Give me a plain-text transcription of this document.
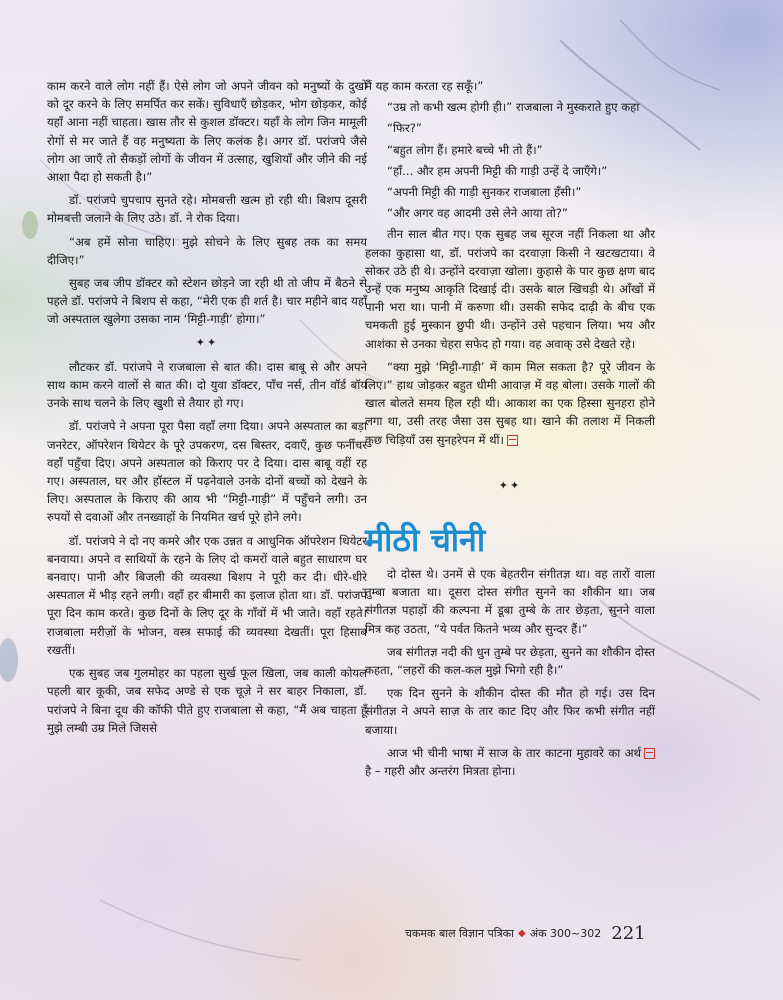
काम करने वाले लोग नहीं हैं। ऐसे लोग जो अपने जीवन को मनुष्यों के दुखों को दूर करने के लिए समर्पित कर सकें। सुविधाएँ छोड़कर, भोग छोड़कर, कोई यहाँ आना नहीं चाहता। खास तौर से कुशल डॉक्टर। यहाँ के लोग जिन मामूली रोगों से मर जाते हैं वह मनुष्यता के लिए कलंक है। अगर डॉ. परांजपे जैसे लोग आ जाएँ तो सैकड़ों लोगों के जीवन में उत्साह, खुशियाँ और जीने की नई आशा पैदा हो सकती है।”

डॉ. परांजपे चुपचाप सुनते रहे। मोमबत्ती खत्म हो रही थी। बिशप दूसरी मोमबत्ती जलाने के लिए उठे। डॉ. ने रोक दिया।

“अब हमें सोना चाहिए। मुझे सोचने के लिए सुबह तक का समय दीजिए।”

सुबह जब जीप डॉक्टर को स्टेशन छोड़ने जा रही थी तो जीप में बैठने से पहले डॉ. परांजपे ने बिशप से कहा, “मेरी एक ही शर्त है। चार महीने बाद यहाँ जो अस्पताल खुलेगा उसका नाम ‘मिट्टी-गाड़ी’ होगा।”

✦✦

लौटकर डॉ. परांजपे ने राजबाला से बात की। दास बाबू से और अपने साथ काम करने वालों से बात की। दो युवा डॉक्टर, पाँच नर्स, तीन वॉर्ड बॉय उनके साथ चलने के लिए खुशी से तैयार हो गए।

डॉ. परांजपे ने अपना पूरा पैसा वहाँ लगा दिया। अपने अस्पताल का बड़ा जनरेटर, ऑपरेशन थियेटर के पूरे उपकरण, दस बिस्तर, दवाएँ, कुछ फर्नीचर वहाँ पहुँचा दिए। अपने अस्पताल को किराए पर दे दिया। दास बाबू वहीं रह गए। अस्पताल, घर और हॉस्टल में पढ़नेवाले उनके दोनों बच्चों को देखने के लिए। अस्पताल के किराए की आय भी “मिट्टी-गाड़ी” में पहुँचने लगी। उन रुपयों से दवाओं और तनख्वाहों के नियमित खर्च पूरे होने लगे।

डॉ. परांजपे ने दो नए कमरे और एक उन्नत व आधुनिक ऑपरेशन थियेटर बनवाया। अपने व साथियों के रहने के लिए दो कमरों वाले बहुत साधारण घर बनवाए। पानी और बिजली की व्यवस्था बिशप ने पूरी कर दी। धीरे-धीरे अस्पताल में भीड़ रहने लगी। वहाँ हर बीमारी का इलाज होता था। डॉ. परांजपे पूरा दिन काम करते। कुछ दिनों के लिए दूर के गाँवों में भी जाते। वहाँ रहते। राजबाला मरीज़ों के भोजन, वस्त्र सफाई की व्यवस्था देखतीं। पूरा हिसाब रखतीं।

एक सुबह जब गुलमोहर का पहला सुर्ख फूल खिला, जब काली कोयल पहली बार कूकी, जब सफेद अण्डे से एक चूज़े ने सर बाहर निकाला, डॉ. परांजपे ने बिना दूध की कॉफी पीते हुए राजबाला से कहा, “मैं अब चाहता हूँ मुझे लम्बी उम्र मिले जिससे

मैं यह काम करता रह सकूँ।”

“उम्र तो कभी खत्म होगी ही।” राजबाला ने मुस्कराते हुए कहा

“फिर?”

“बहुत लोग हैं। हमारे बच्चे भी तो हैं।”

“हाँ... और हम अपनी मिट्टी की गाड़ी उन्हें दे जाएँगे।”

“अपनी मिट्टी की गाड़ी सुनकर राजबाला हँसी।”

“और अगर वह आदमी उसे लेने आया तो?”

तीन साल बीत गए। एक सुबह जब सूरज नहीं निकला था और हलका कुहासा था, डॉ. परांजपे का दरवाज़ा किसी ने खटखटाया। वे सोकर उठे ही थे। उन्होंने दरवाज़ा खोला। कुहासे के पार कुछ क्षण बाद उन्हें एक मनुष्य आकृति दिखाई दी। उसके बाल खिचड़ी थे। आँखों में पानी भरा था। पानी में करुणा थी। उसकी सफेद दाढ़ी के बीच एक चमकती हुई मुस्कान छुपी थी। उन्होंने उसे पहचान लिया। भय और आशंका से उनका चेहरा सफेद हो गया। वह अवाक् उसे देखते रहे।

“क्या मुझे ‘मिट्टी-गाड़ी’ में काम मिल सकता है? पूरे जीवन के लिए।” हाथ जोड़कर बहुत धीमी आवाज़ में वह बोला। उसके गालों की खाल बोलते समय हिल रही थी। आकाश का एक हिस्सा सुनहरा होने लगा था, उसी तरह जैसा उस सुबह था। खाने की तलाश में निकली कुछ चिड़ियाँ उस सुनहरेपन में थीं।

✦✦
मीठी चीनी

दो दोस्त थे। उनमें से एक बेहतरीन संगीतज्ञ था। वह तारों वाला तुम्बा बजाता था। दूसरा दोस्त संगीत सुनने का शौकीन था। जब संगीतज्ञ पहाड़ों की कल्पना में डूबा तुम्बे के तार छेड़ता, सुनने वाला मित्र कह उठता, “ये पर्वत कितने भव्य और सुन्दर हैं।”

जब संगीतज्ञ नदी की धुन तुम्बे पर छेड़ता, सुनने का शौकीन दोस्त कहता, “लहरों की कल-कल मुझे भिगो रही है।”

एक दिन सुनने के शौकीन दोस्त की मौत हो गई। उस दिन संगीतज्ञ ने अपने साज़ के तार काट दिए और फिर कभी संगीत नहीं बजाया।

आज भी चीनी भाषा में साज के तार काटना मुहावरे का अर्थ है – गहरी और अन्तरंग मित्रता होना।

चकमक बाल विज्ञान पत्रिका ◆ अंक 300~302 221
